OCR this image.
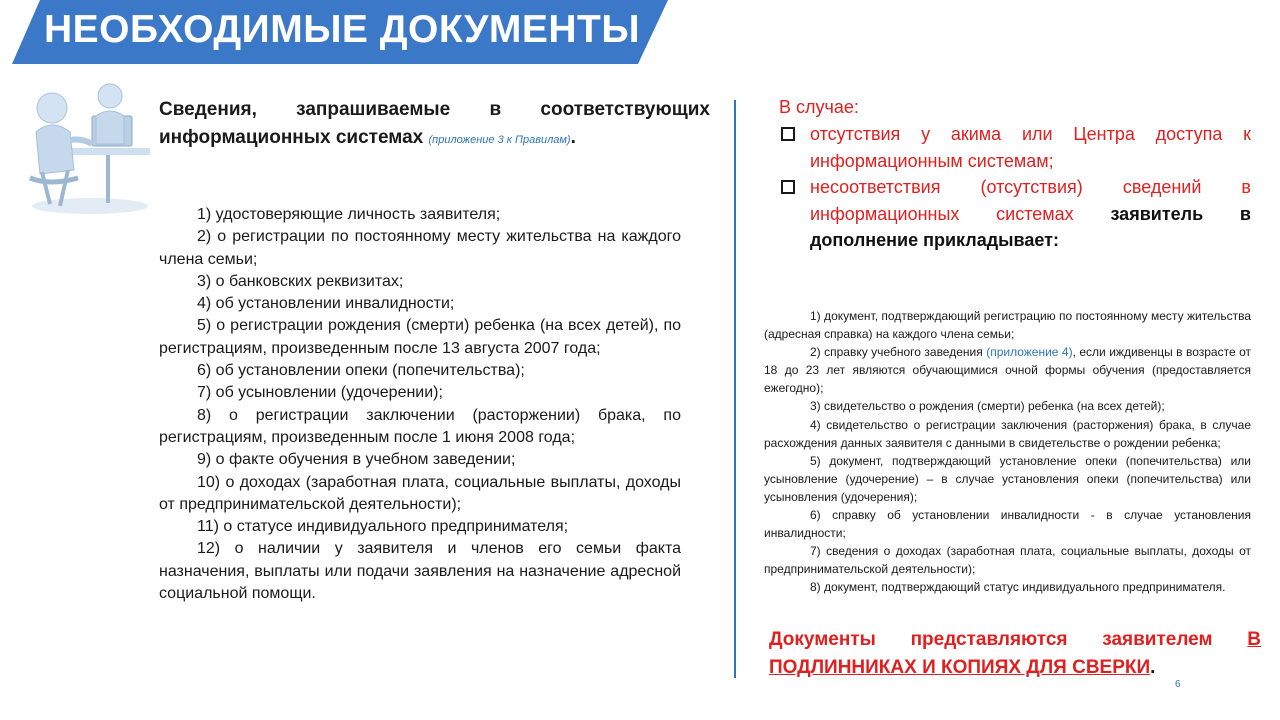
НЕОБХОДИМЫЕ ДОКУМЕНТЫ
Сведения, запрашиваемые в соответствующих информационных системах (приложение 3 к Правилам).
1) удостоверяющие личность заявителя;
2) о регистрации по постоянному месту жительства на каждого члена семьи;
3) о банковских реквизитах;
4) об установлении инвалидности;
5) о регистрации рождения (смерти) ребенка (на всех детей), по регистрациям, произведенным после 13 августа 2007 года;
6) об установлении опеки (попечительства);
7) об усыновлении (удочерении);
8) о регистрации заключении (расторжении) брака, по регистрациям, произведенным после 1 июня 2008 года;
9) о факте обучения в учебном заведении;
10) о доходах (заработная плата, социальные выплаты, доходы от предпринимательской деятельности);
11) о статусе индивидуального предпринимателя;
12) о наличии у заявителя и членов его семьи факта назначения, выплаты или подачи заявления на назначение адресной социальной помощи.
В случае:
отсутствия у акима или Центра доступа к информационным системам;
несоответствия (отсутствия) сведений в информационных системах заявитель в дополнение прикладывает:
1) документ, подтверждающий регистрацию по постоянному месту жительства (адресная справка) на каждого члена семьи;
2) справку учебного заведения (приложение 4), если иждивенцы в возрасте от 18 до 23 лет являются обучающимися очной формы обучения (предоставляется ежегодно);
3) свидетельство о рождения (смерти) ребенка (на всех детей);
4) свидетельство о регистрации заключения (расторжения) брака, в случае расхождения данных заявителя с данными в свидетельстве о рождении ребенка;
5) документ, подтверждающий установление опеки (попечительства) или усыновление (удочерение) – в случае установления опеки (попечительства) или усыновления (удочерения);
6) справку об установлении инвалидности - в случае установления инвалидности;
7) сведения о доходах (заработная плата, социальные выплаты, доходы от предпринимательской деятельности);
8) документ, подтверждающий статус индивидуального предпринимателя.
Документы представляются заявителем В ПОДЛИННИКАХ И КОПИЯХ ДЛЯ СВЕРКИ.
6
